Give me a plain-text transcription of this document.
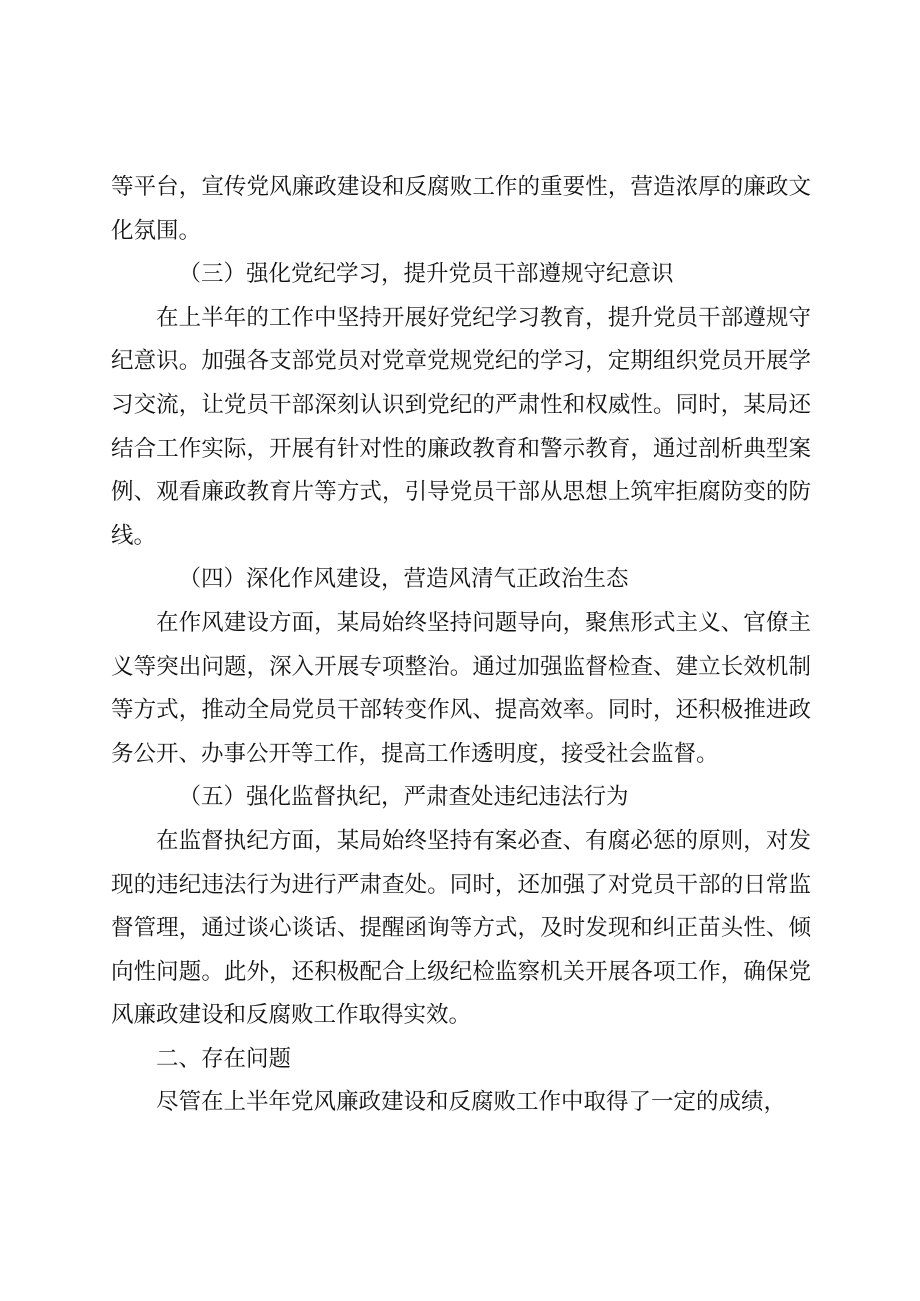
等平台，宣传党风廉政建设和反腐败工作的重要性，营造浓厚的廉政文化氛围。

（三）强化党纪学习，提升党员干部遵规守纪意识

在上半年的工作中坚持开展好党纪学习教育，提升党员干部遵规守纪意识。加强各支部党员对党章党规党纪的学习，定期组织党员开展学习交流，让党员干部深刻认识到党纪的严肃性和权威性。同时，某局还结合工作实际，开展有针对性的廉政教育和警示教育，通过剖析典型案例、观看廉政教育片等方式，引导党员干部从思想上筑牢拒腐防变的防线。

（四）深化作风建设，营造风清气正政治生态

在作风建设方面，某局始终坚持问题导向，聚焦形式主义、官僚主义等突出问题，深入开展专项整治。通过加强监督检查、建立长效机制等方式，推动全局党员干部转变作风、提高效率。同时，还积极推进政务公开、办事公开等工作，提高工作透明度，接受社会监督。

（五）强化监督执纪，严肃查处违纪违法行为

在监督执纪方面，某局始终坚持有案必查、有腐必惩的原则，对发现的违纪违法行为进行严肃查处。同时，还加强了对党员干部的日常监督管理，通过谈心谈话、提醒函询等方式，及时发现和纠正苗头性、倾向性问题。此外，还积极配合上级纪检监察机关开展各项工作，确保党风廉政建设和反腐败工作取得实效。

二、存在问题

尽管在上半年党风廉政建设和反腐败工作中取得了一定的成绩，
